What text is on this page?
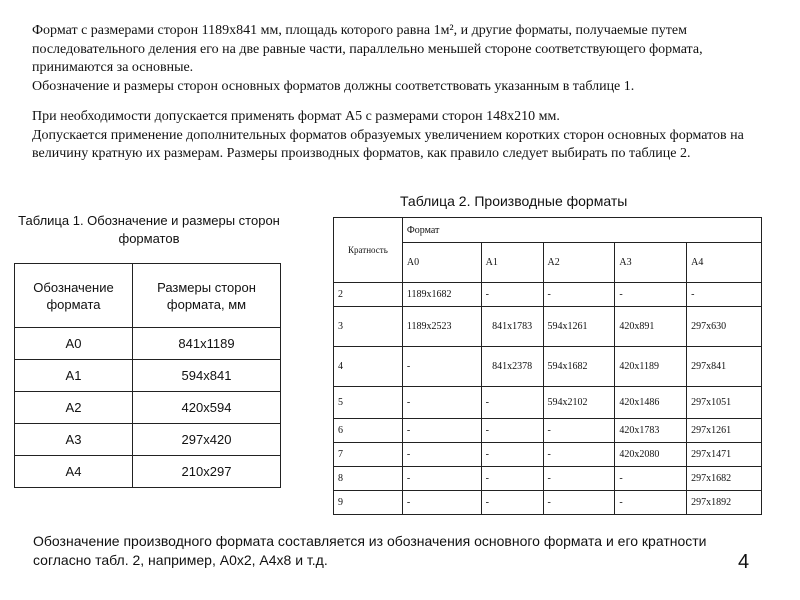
Формат с размерами сторон 1189х841 мм, площадь которого равна 1м², и другие форматы, получаемые путем последовательного деления его на две равные части, параллельно меньшей стороне соответствующего формата, принимаются за основные.
Обозначение и размеры сторон основных форматов должны соответствовать указанным в таблице 1.
При необходимости допускается применять формат А5 с размерами сторон 148х210 мм.
Допускается применение дополнительных форматов образуемых увеличением коротких сторон основных форматов на величину кратную их размерам. Размеры производных форматов, как правило следует выбирать по таблице 2.
Таблица 1. Обозначение и размеры сторон форматов
Обозначение формата	Размеры сторон формата, мм
А0	841х1189
А1	594х841
А2	420х594
А3	297х420
А4	210х297
Таблица 2. Производные форматы
Кратность	Формат				
	А0	А1	А2	А3	А4
2	1189х1682	-	-	-	-
3	1189х2523	841х1783	594х1261	420х891	297х630
4	-	841х2378	594х1682	420х1189	297х841
5	-	-	594х2102	420х1486	297х1051
6	-	-	-	420х1783	297х1261
7	-	-	-	420х2080	297х1471
8	-	-	-	-	297х1682
9	-	-	-	-	297х1892
Обозначение производного формата составляется из обозначения основного формата и его кратности согласно табл. 2, например, А0х2, А4х8 и т.д.	4
